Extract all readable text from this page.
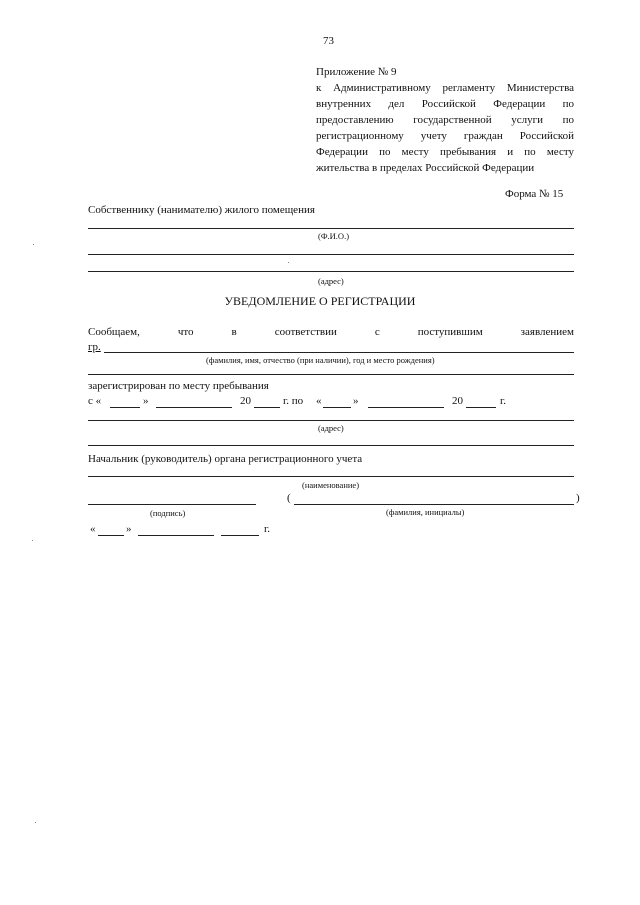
73
Приложение № 9
к Административному регламенту Министерства
внутренних дел Российской Федерации по
предоставлению государственной услуги по
регистрационному учету граждан Российской
Федерации по месту пребывания и по месту
жительства в пределах Российской Федерации
Форма № 15
Собственнику (нанимателю) жилого помещения
(Ф.И.О.)
(адрес)
УВЕДОМЛЕНИЕ О РЕГИСТРАЦИИ
Сообщаем, что в соответствии с поступившим заявлением
гр.
(фамилия, имя, отчество (при наличии), год и место рождения)
зарегистрирован по месту пребывания
с «	»	20	г. по «	»	20	г.
(адрес)
Начальник (руководитель) органа регистрационного учета
(наименование)
(	)
(подпись)	(фамилия, инициалы)
«	»	г.
